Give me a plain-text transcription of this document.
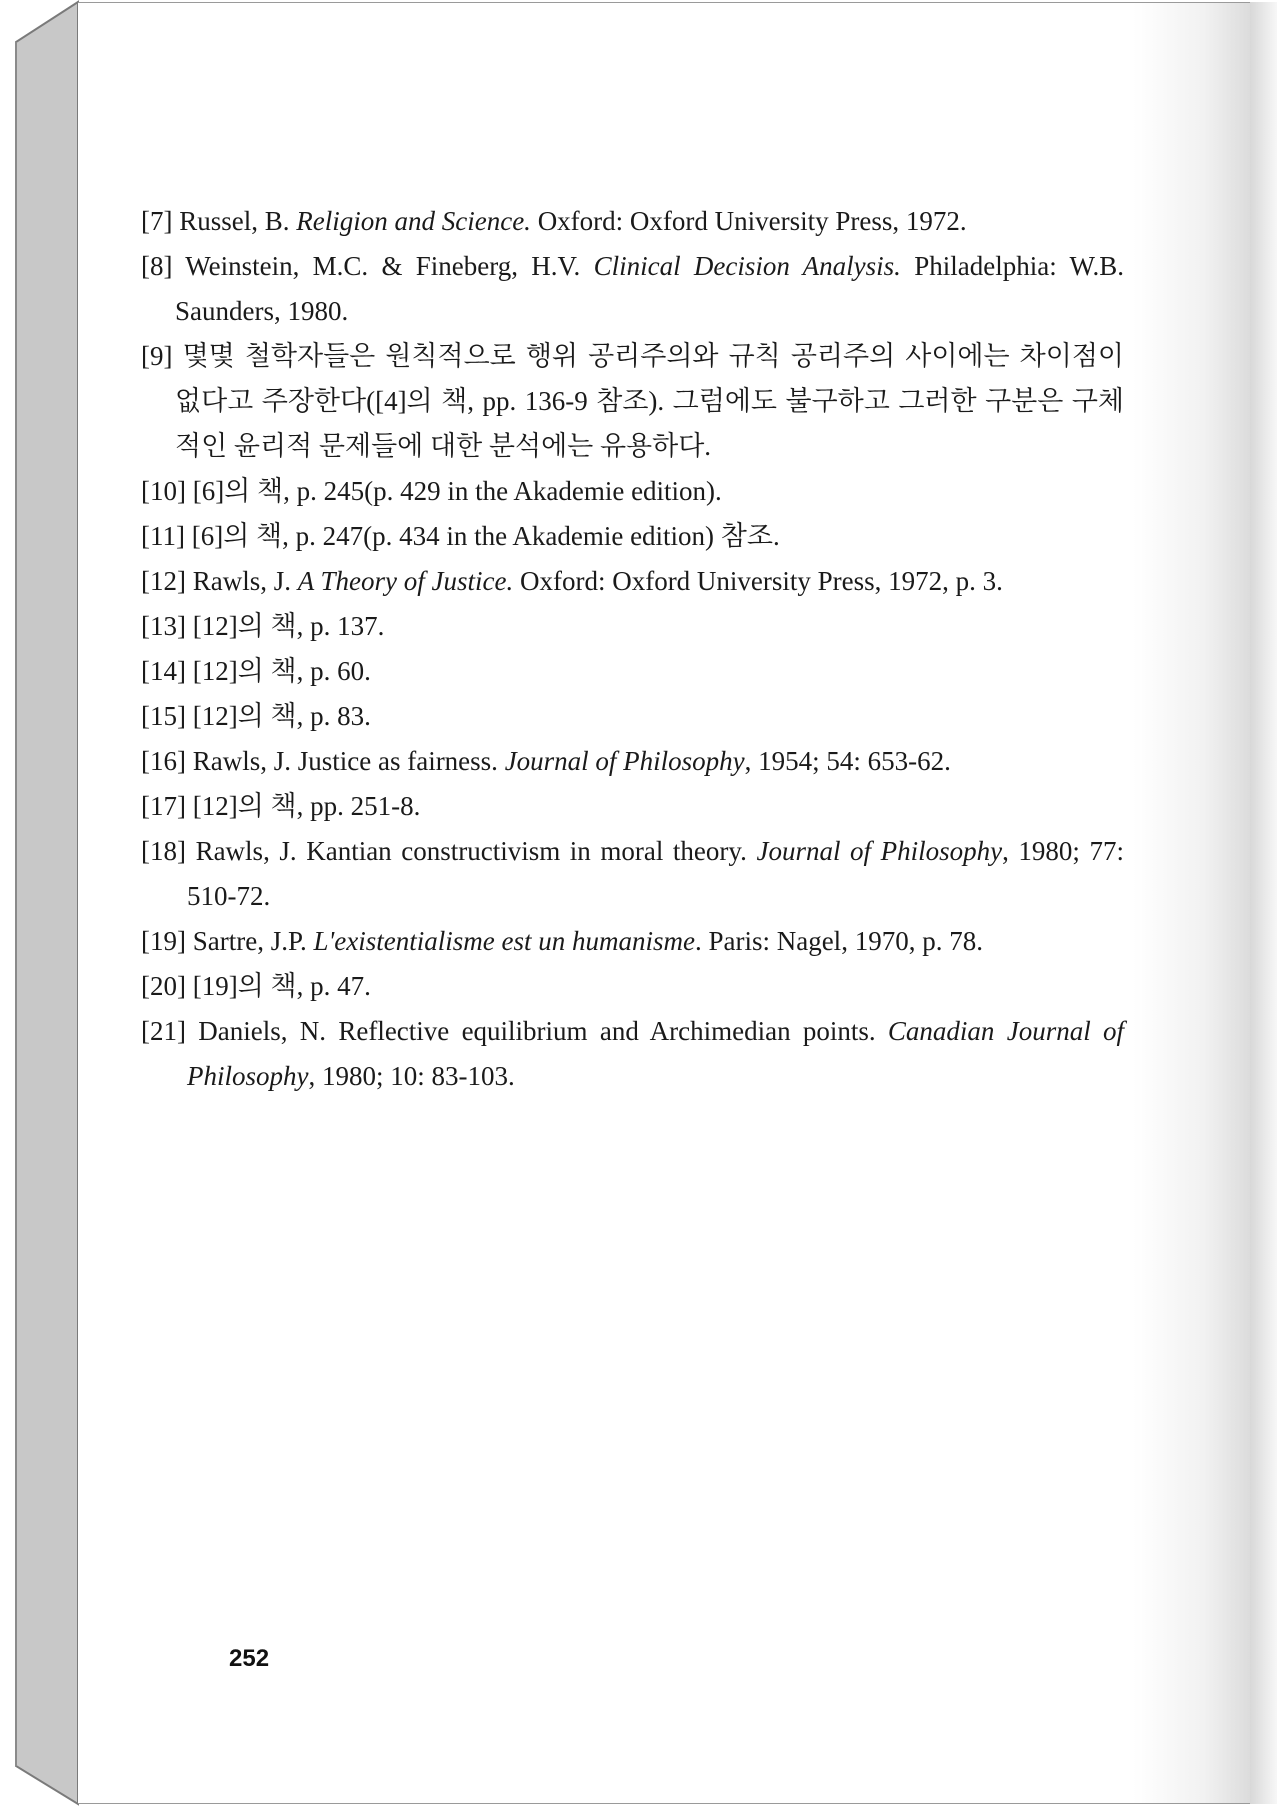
[7] Russel, B. Religion and Science. Oxford: Oxford University Press, 1972.

[8] Weinstein, M.C. & Fineberg, H.V. Clinical Decision Analysis. Philadelphia: W.B. Saunders, 1980.

[9] 몇몇 철학자들은 원칙적으로 행위 공리주의와 규칙 공리주의 사이에는 차이점이 없다고 주장한다([4]의 책, pp. 136-9 참조). 그럼에도 불구하고 그러한 구분은 구체적인 윤리적 문제들에 대한 분석에는 유용하다.

[10] [6]의 책, p. 245(p. 429 in the Akademie edition).

[11] [6]의 책, p. 247(p. 434 in the Akademie edition) 참조.

[12] Rawls, J. A Theory of Justice. Oxford: Oxford University Press, 1972, p. 3.

[13] [12]의 책, p. 137.

[14] [12]의 책, p. 60.

[15] [12]의 책, p. 83.

[16] Rawls, J. Justice as fairness. Journal of Philosophy, 1954; 54: 653-62.

[17] [12]의 책, pp. 251-8.

[18] Rawls, J. Kantian constructivism in moral theory. Journal of Philosophy, 1980; 77: 510-72.

[19] Sartre, J.P. L'existentialisme est un humanisme. Paris: Nagel, 1970, p. 78.

[20] [19]의 책, p. 47.

[21] Daniels, N. Reflective equilibrium and Archimedian points. Canadian Journal of Philosophy, 1980; 10: 83-103.

252
